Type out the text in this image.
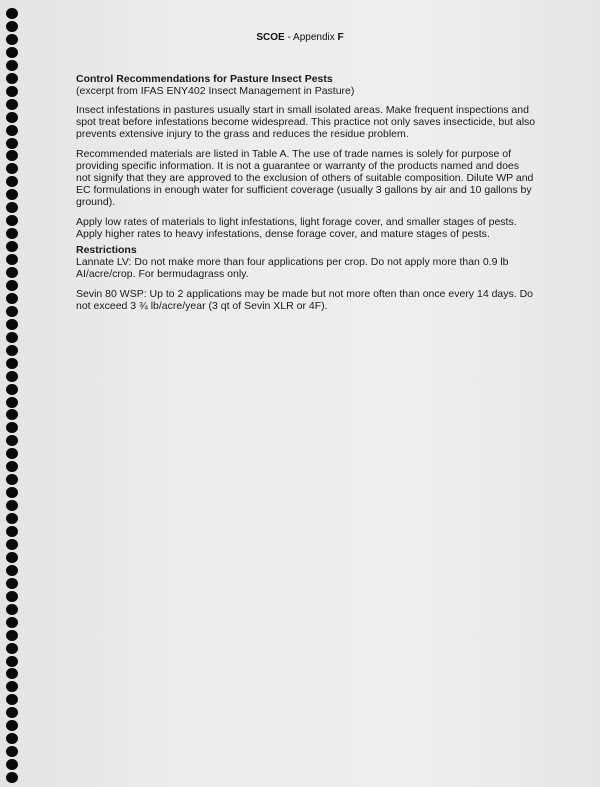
SCOE - Appendix F
Control Recommendations for Pasture Insect Pests
(excerpt from IFAS ENY402 Insect Management in Pasture)

Insect infestations in pastures usually start in small isolated areas. Make frequent inspections and spot treat before infestations become widespread. This practice not only saves insecticide, but also prevents extensive injury to the grass and reduces the residue problem.

Recommended materials are listed in Table A. The use of trade names is solely for purpose of providing specific information. It is not a guarantee or warranty of the products named and does not signify that they are approved to the exclusion of others of suitable composition. Dilute WP and EC formulations in enough water for sufficient coverage (usually 3 gallons by air and 10 gallons by ground).

Apply low rates of materials to light infestations, light forage cover, and smaller stages of pests. Apply higher rates to heavy infestations, dense forage cover, and mature stages of pests.

Restrictions

Lannate LV: Do not make more than four applications per crop. Do not apply more than 0.9 lb AI/acre/crop. For bermudagrass only.

Sevin 80 WSP: Up to 2 applications may be made but not more often than once every 14 days. Do not exceed 3 ¾ lb/acre/year (3 qt of Sevin XLR or 4F).
